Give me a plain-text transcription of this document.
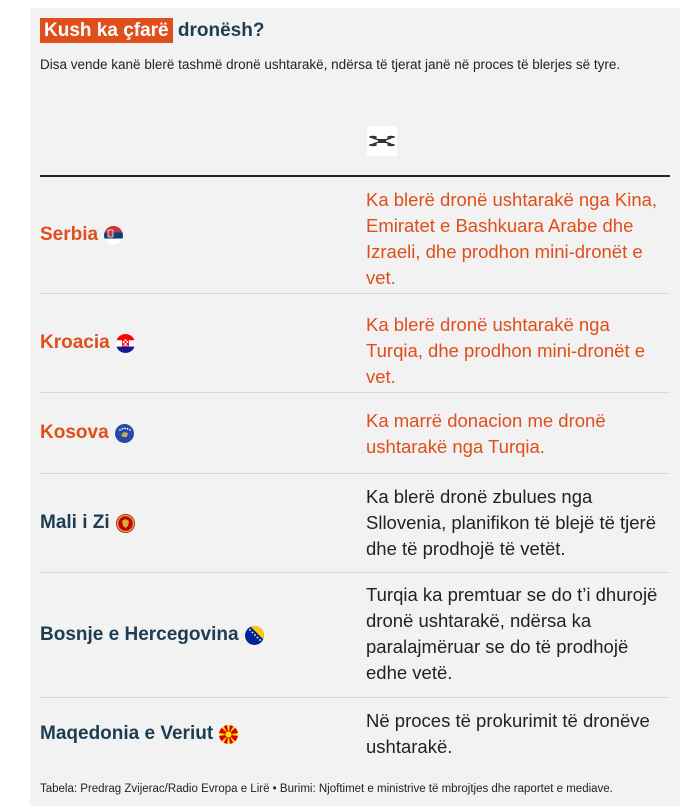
Kush ka çfarë dronësh?
Disa vende kanë blerë tashmë dronë ushtarakë, ndërsa të tjerat janë në proces të blerjes së tyre.
Serbia
Ka blerë dronë ushtarakë nga Kina, Emiratet e Bashkuara Arabe dhe Izraeli, dhe prodhon mini-dronët e vet.
Kroacia
Ka blerë dronë ushtarakë nga Turqia, dhe prodhon mini-dronët e vet.
Kosova
Ka marrë donacion me dronë ushtarakë nga Turqia.
Mali i Zi
Ka blerë dronë zbulues nga Sllovenia, planifikon të blejë të tjerë dhe të prodhojë të vetët.
Bosnje e Hercegovina
Turqia ka premtuar se do t’i dhurojë dronë ushtarakë, ndërsa ka paralajmëruar se do të prodhojë edhe vetë.
Maqedonia e Veriut
Në proces të prokurimit të dronëve ushtarakë.
Tabela: Predrag Zvijerac/Radio Evropa e Lirë • Burimi: Njoftimet e ministrive të mbrojtjes dhe raportet e mediave.
